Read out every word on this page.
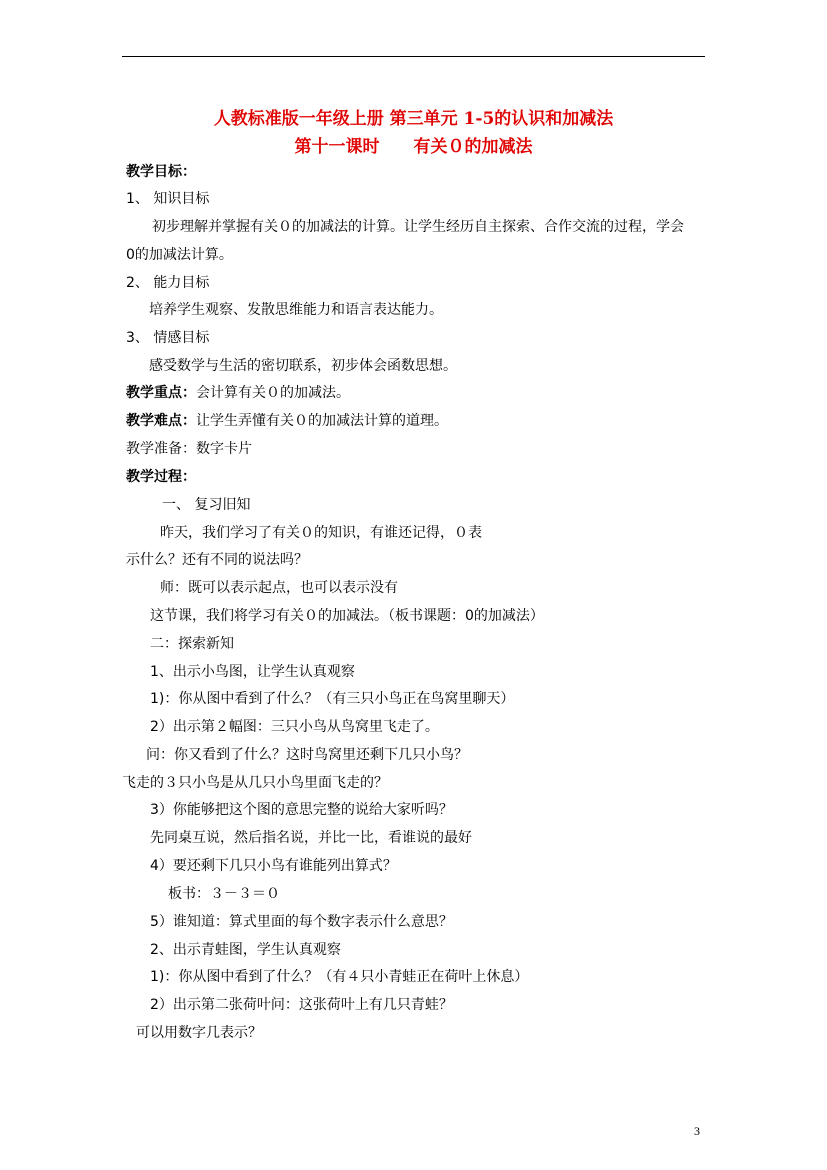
人教标准版一年级上册 第三单元 1-5的认识和加减法
第十一课时　　有关０的加减法
教学目标：
1、 知识目标
初步理解并掌握有关０的加减法的计算。让学生经历自主探索、合作交流的过程，学会
0的加减法计算。
2、 能力目标
培养学生观察、发散思维能力和语言表达能力。
3、 情感目标
感受数学与生活的密切联系，初步体会函数思想。
教学重点：会计算有关０的加减法。
教学难点：让学生弄懂有关０的加减法计算的道理。
教学准备：数字卡片
教学过程：
一、 复习旧知
昨天，我们学习了有关０的知识，有谁还记得，０表
示什么？还有不同的说法吗？
师：既可以表示起点，也可以表示没有
这节课，我们将学习有关０的加减法。（板书课题：0的加减法）
二：探索新知
1、出示小鸟图，让学生认真观察
1)：你从图中看到了什么？（有三只小鸟正在鸟窝里聊天）
2）出示第２幅图：三只小鸟从鸟窝里飞走了。
问：你又看到了什么？这时鸟窝里还剩下几只小鸟？
飞走的３只小鸟是从几只小鸟里面飞走的？
3）你能够把这个图的意思完整的说给大家听吗？
先同桌互说，然后指名说，并比一比，看谁说的最好
4）要还剩下几只小鸟有谁能列出算式？
板书：３－３＝０
5）谁知道：算式里面的每个数字表示什么意思？
2、出示青蛙图，学生认真观察
1)：你从图中看到了什么？（有４只小青蛙正在荷叶上休息）
2）出示第二张荷叶问：这张荷叶上有几只青蛙？
可以用数字几表示？
3
